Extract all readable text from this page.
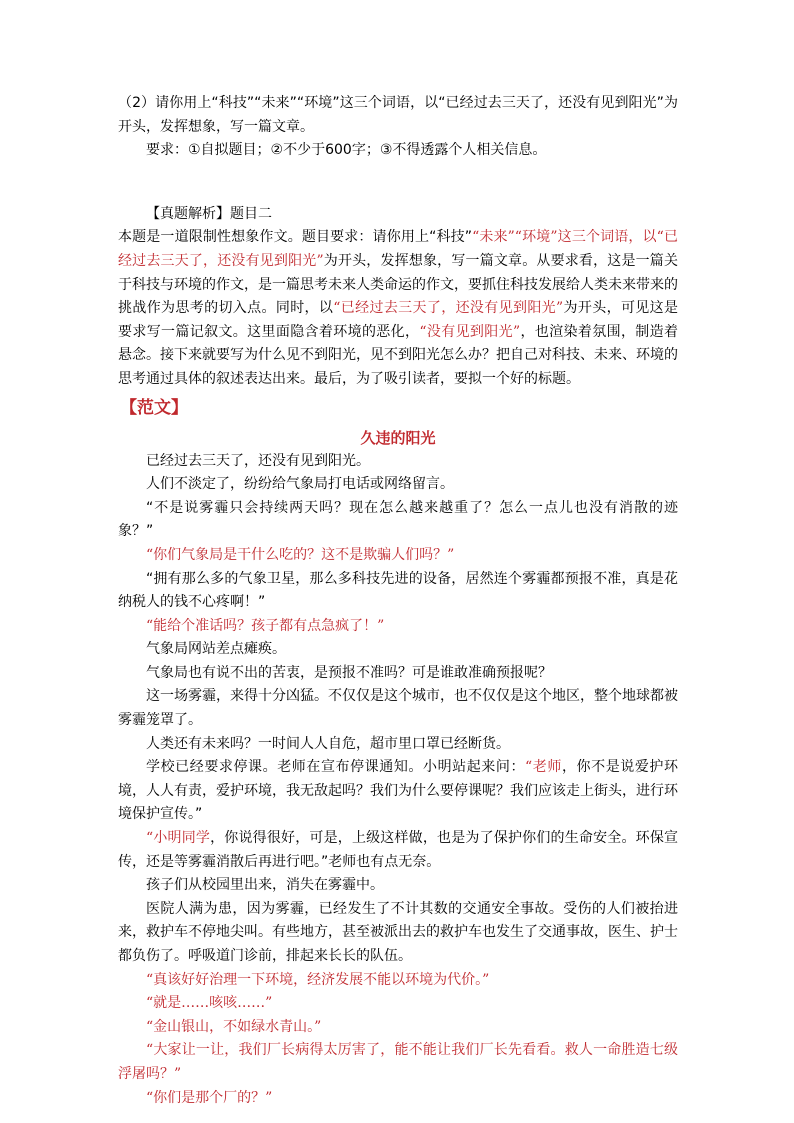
（2）请你用上“科技”“未来”“环境”这三个词语，以“已经过去三天了，还没有见到阳光”为开头，发挥想象，写一篇文章。

要求：①自拟题目；②不少于600字；③不得透露个人相关信息。

【真题解析】题目二

本题是一道限制性想象作文。题目要求：请你用上“科技”“未来”“环境”这三个词语，以“已经过去三天了，还没有见到阳光”为开头，发挥想象，写一篇文章。从要求看，这是一篇关于科技与环境的作文，是一篇思考未来人类命运的作文，要抓住科技发展给人类未来带来的挑战作为思考的切入点。同时，以“已经过去三天了，还没有见到阳光”为开头，可见这是要求写一篇记叙文。这里面隐含着环境的恶化，“没有见到阳光”，也渲染着氛围，制造着悬念。接下来就要写为什么见不到阳光，见不到阳光怎么办？把自己对科技、未来、环境的思考通过具体的叙述表达出来。最后，为了吸引读者，要拟一个好的标题。

【范文】

久违的阳光

已经过去三天了，还没有见到阳光。

人们不淡定了，纷纷给气象局打电话或网络留言。

“不是说雾霾只会持续两天吗？现在怎么越来越重了？怎么一点儿也没有消散的迹象？”

“你们气象局是干什么吃的？这不是欺骗人们吗？”

“拥有那么多的气象卫星，那么多科技先进的设备，居然连个雾霾都预报不准，真是花纳税人的钱不心疼啊！”

“能给个准话吗？孩子都有点急疯了！”

气象局网站差点瘫痪。

气象局也有说不出的苦衷，是预报不准吗？可是谁敢准确预报呢？

这一场雾霾，来得十分凶猛。不仅仅是这个城市，也不仅仅是这个地区，整个地球都被雾霾笼罩了。

人类还有未来吗？一时间人人自危，超市里口罩已经断货。

学校已经要求停课。老师在宣布停课通知。小明站起来问：“老师，你不是说爱护环境，人人有责，爱护环境，我无敌起吗？我们为什么要停课呢？我们应该走上街头，进行环境保护宣传。”

“小明同学，你说得很好，可是，上级这样做，也是为了保护你们的生命安全。环保宣传，还是等雾霾消散后再进行吧。”老师也有点无奈。

孩子们从校园里出来，消失在雾霾中。

医院人满为患，因为雾霾，已经发生了不计其数的交通安全事故。受伤的人们被抬进来，救护车不停地尖叫。有些地方，甚至被派出去的救护车也发生了交通事故，医生、护士都负伤了。呼吸道门诊前，排起来长长的队伍。

“真该好好治理一下环境，经济发展不能以环境为代价。”

“就是……咳咳……”

“金山银山，不如绿水青山。”

“大家让一让，我们厂长病得太厉害了，能不能让我们厂长先看看。救人一命胜造七级浮屠吗？”

“你们是那个厂的？”
